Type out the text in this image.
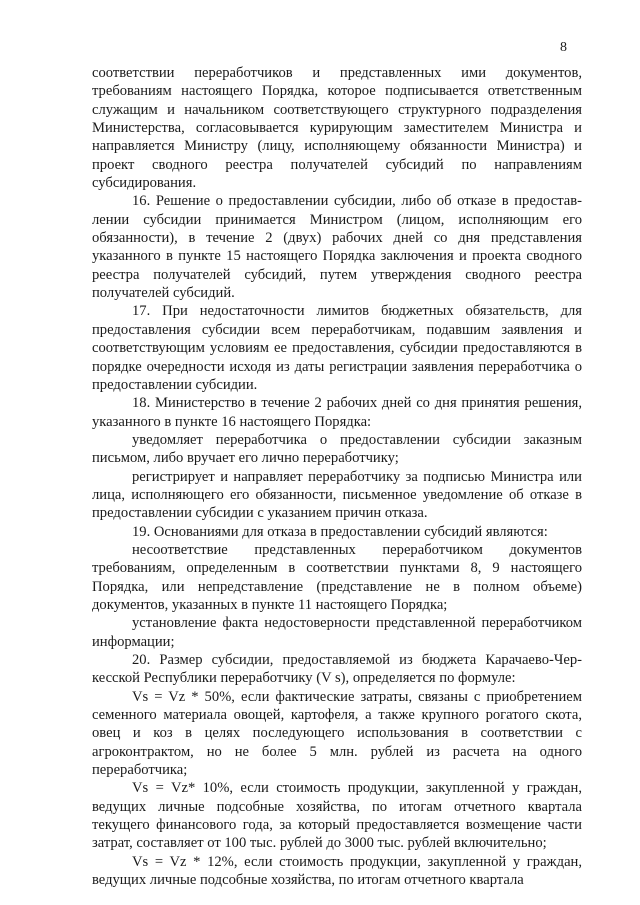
8

соответствии переработчиков и представленных ими документов, требованиям настоящего Порядка, которое подписывается ответственным служащим и начальником соответствующего структурного подразделения Министерства, согласовывается курирующим заместителем Министра и направляется Министру (лицу, исполняющему обязанности Министра) и проект сводного реестра получателей субсидий по направлениям субсидирования.

16. Решение о предоставлении субсидии, либо об отказе в предоставлении субсидии принимается Министром (лицом, исполняющим его обязанности), в течение 2 (двух) рабочих дней со дня представления указанного в пункте 15 настоящего Порядка заключения и проекта сводного реестра получателей субсидий, путем утверждения сводного реестра получателей субсидий.

17. При недостаточности лимитов бюджетных обязательств, для предоставления субсидии всем переработчикам, подавшим заявления и соответствующим условиям ее предоставления, субсидии предоставляются в порядке очередности исходя из даты регистрации заявления переработчика о предоставлении субсидии.

18. Министерство в течение 2 рабочих дней со дня принятия решения, указанного в пункте 16 настоящего Порядка:

уведомляет переработчика о предоставлении субсидии заказным письмом, либо вручает его лично переработчику;

регистрирует и направляет переработчику за подписью Министра или лица, исполняющего его обязанности, письменное уведомление об отказе в предоставлении субсидии с указанием причин отказа.

19. Основаниями для отказа в предоставлении субсидий являются:

несоответствие представленных переработчиком документов требованиям, определенным в соответствии пунктами 8, 9 настоящего Порядка, или непредставление (представление не в полном объеме) документов, указанных в пункте 11 настоящего Порядка;

установление факта недостоверности представленной переработчиком информации;

20. Размер субсидии, предоставляемой из бюджета Карачаево-Черкесской Республики переработчику (V s), определяется по формуле:

Vs = Vz * 50%, если фактические затраты, связаны с приобретением семенного материала овощей, картофеля, а также крупного рогатого скота, овец и коз в целях последующего использования в соответствии с агроконтрактом, но не более 5 млн. рублей из расчета на одного переработчика;

Vs = Vz* 10%, если стоимость продукции, закупленной у граждан, ведущих личные подсобные хозяйства, по итогам отчетного квартала текущего финансового года, за который предоставляется возмещение части затрат, составляет от 100 тыс. рублей до 3000 тыс. рублей включительно;

Vs = Vz * 12%, если стоимость продукции, закупленной у граждан, ведущих личные подсобные хозяйства, по итогам отчетного квартала
